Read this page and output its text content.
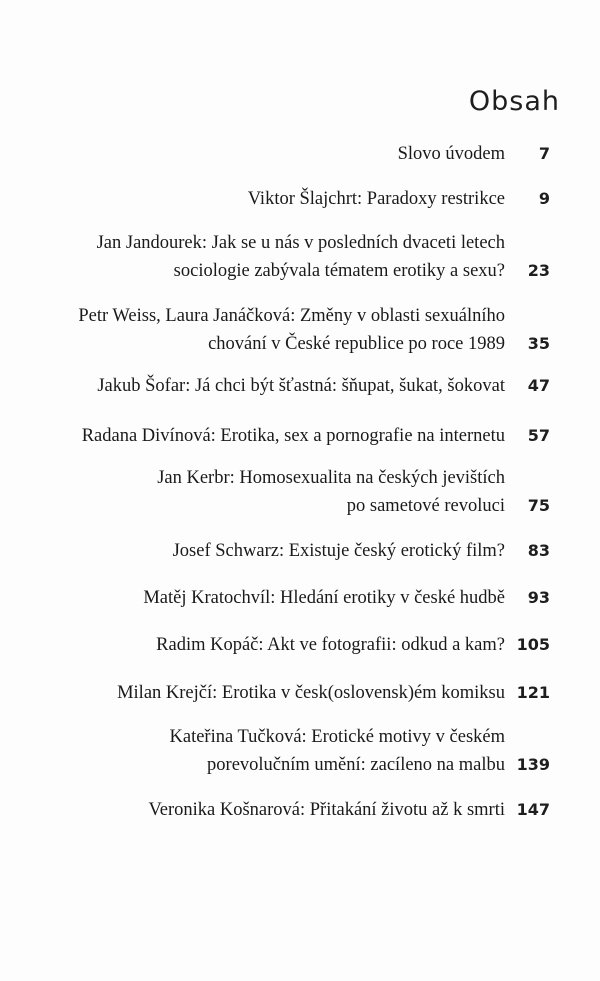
Obsah
Slovo úvodem	7
Viktor Šlajchrt: Paradoxy restrikce	9
Jan Jandourek: Jak se u nás v posledních dvaceti letech
sociologie zabývala tématem erotiky a sexu?	23
Petr Weiss, Laura Janáčková: Změny v oblasti sexuálního
chování v České republice po roce 1989	35
Jakub Šofar: Já chci být šťastná: šňupat, šukat, šokovat	47
Radana Divínová: Erotika, sex a pornografie na internetu	57
Jan Kerbr: Homosexualita na českých jevištích
po sametové revoluci	75
Josef Schwarz: Existuje český erotický film?	83
Matěj Kratochvíl: Hledání erotiky v české hudbě	93
Radim Kopáč: Akt ve fotografii: odkud a kam? 105
Milan Krejčí: Erotika v česk(oslovensk)ém komiksu 121
Kateřina Tučková: Erotické motivy v českém
porevolučním umění: zacíleno na malbu 139
Veronika Košnarová: Přitakání životu až k smrti 147
